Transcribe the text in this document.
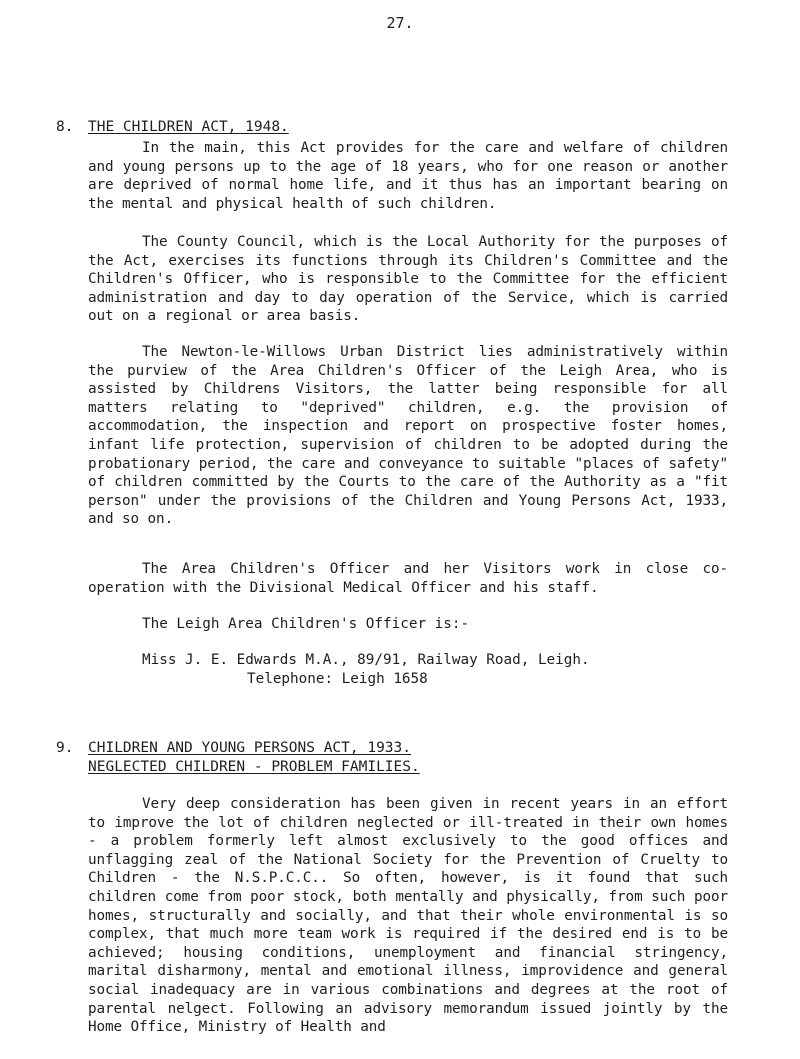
27.
8. THE CHILDREN ACT, 1948.

In the main, this Act provides for the care and welfare of children and young persons up to the age of 18 years, who for one reason or another are deprived of normal home life, and it thus has an important bearing on the mental and physical health of such children.

The County Council, which is the Local Authority for the purposes of the Act, exercises its functions through its Children's Committee and the Children's Officer, who is responsible to the Committee for the efficient administration and day to day operation of the Service, which is carried out on a regional or area basis.

The Newton-le-Willows Urban District lies administratively within the purview of the Area Children's Officer of the Leigh Area, who is assisted by Childrens Visitors, the latter being responsible for all matters relating to "deprived" children, e.g. the provision of accommodation, the inspection and report on prospective foster homes, infant life protection, supervision of children to be adopted during the probationary period, the care and conveyance to suitable "places of safety" of children committed by the Courts to the care of the Authority as a "fit person" under the provisions of the Children and Young Persons Act, 1933, and so on.

The Area Children's Officer and her Visitors work in close co-operation with the Divisional Medical Officer and his staff.

The Leigh Area Children's Officer is:-
Miss J. E. Edwards M.A., 89/91, Railway Road, Leigh.
Telephone: Leigh 1658
9. CHILDREN AND YOUNG PERSONS ACT, 1933.
NEGLECTED CHILDREN - PROBLEM FAMILIES.

Very deep consideration has been given in recent years in an effort to improve the lot of children neglected or ill-treated in their own homes - a problem formerly left almost exclusively to the good offices and unflagging zeal of the National Society for the Prevention of Cruelty to Children - the N.S.P.C.C.. So often, however, is it found that such children come from poor stock, both mentally and physically, from such poor homes, structurally and socially, and that their whole environmental is so complex, that much more team work is required if the desired end is to be achieved; housing conditions, unemployment and financial stringency, marital disharmony, mental and emotional illness, improvidence and general social inadequacy are in various combinations and degrees at the root of parental nelgect. Following an advisory memorandum issued jointly by the Home Office, Ministry of Health and
